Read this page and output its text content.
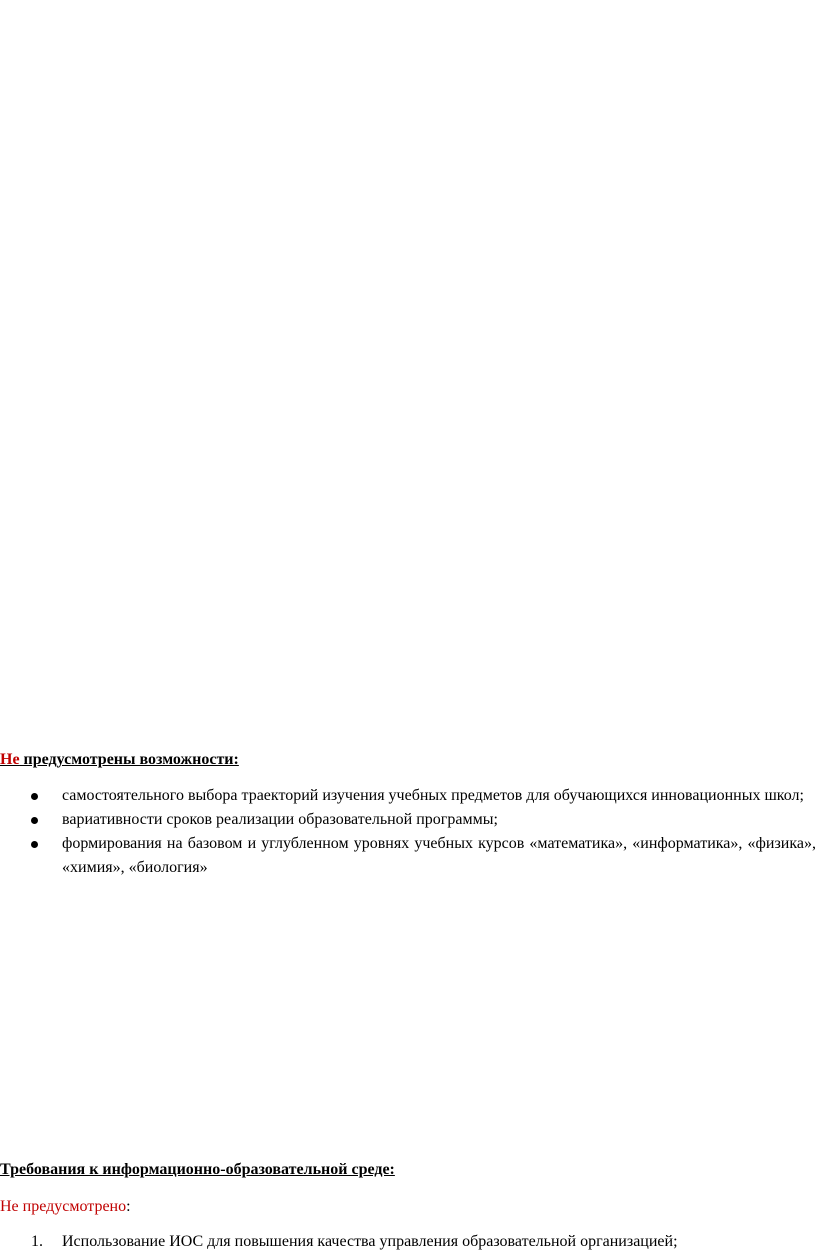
Не предусмотрены возможности:
самостоятельного выбора траекторий изучения учебных предметов для обучающихся инновационных школ;
вариативности сроков реализации образовательной программы;
формирования на базовом и углубленном уровнях учебных курсов «математика», «информатика», «физика», «химия», «биология»
Требования к информационно-образовательной среде:
Не предусмотрено:
1. Использование ИОС для повышения качества управления образовательной организацией;
